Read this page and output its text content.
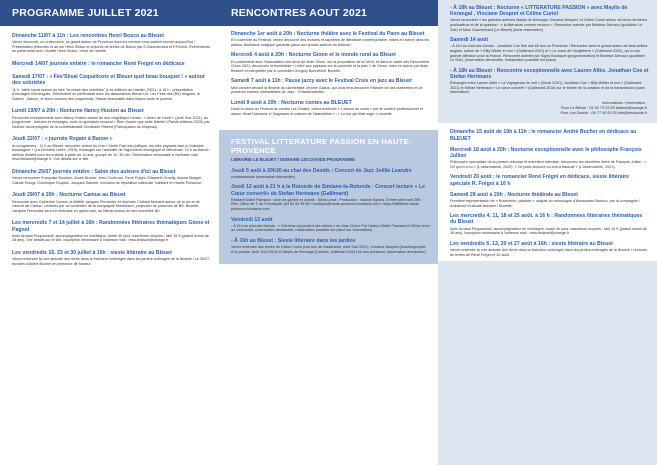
PROGRAMME JUILLET 2021
Dimanche 11/07 à 11h : Les rencontres Henri Bosco au Bleuet
Venez découvrir, ou redécouvrir, ce grand auteur de Provence dont les romans nous parlent encore aujourd'hui ! Présentation d'œuvres et de sur Henri Bosco et lectures de textes de Bosco par S.Gauchenand et P.Frichet. Événements en partenariat avec l'Amitié Henri Bosco. Verre de l'amitié.
Mercredi 14/07 journée entière : le romancier René Frégni en dédicace
Samedi 17/07 : « Fée'Stival Coquelicots et Bleuet quel beau bouquet ! » autour des sobriétés
11 h : table ronde autour du livre "la chose des sobriétés" (Les éditions de l'atelier, 2021) ; à 15 h : présentation d'ouvrages d'écologues. Événement en partenariat avec les associations Bleuet Lie, Les Fées des (Ré) drogues, le Gabion - Manon, et Nous voulons des coquelicots. Stands associatifs dans Banon toute la journée.
Lundi 19/07 à 20h : Nocturne Nancy Huston au Bleuet
Rencontre exceptionnelle avec Nancy Huston autour de son magnifique roman : « Arbre de l'oubli » (Acte Sud 2021). Au programme ; lectures et échanges, suivi du spectacle musical « Rien d'autre que cette félicité» (Parole éditions 2020) par l'autrice accompagnée de la contrebassiste Christiane Riberet (Participation au chapeau).
Jeudi 22/07 : « journée Regain à Banon »
Au programme : 11 h au Bleuet, rencontre autour du livre « Notre Pain est politique, les blés paysans face à l'industrie boulangère » (La Dernière Lettre, 2019), échanges sur l'actualité de l'agriculture écologique et délicieuse. 14 h au Bleuet : ateliers théâtre pour les enfants à partir de 10 ans, groupe de 10, 30 min. Réservation nécessaire à l'adresse mail : resa.leblauet@orange.fr. Voir détails sur le site.
Dimanche 25/07 journée entière : Salon des auteurs d'ici au Bleuet
Venez rencontrer Françoise Bourdon, André Bucher, Jean Contrucci, René Frégni, Élisabeth Groelly, Alyssa Morgan, Claude Hougs, Dominique Roques, Jacques Salomé, écrivains de réputation nationale, habitant en Haute-Provence.
Jeudi 29/07 à 20h : Nocturne Camus au Bleuet
Rencontre avec Catherine Camus, la fidélité Jacques Ferrandez et l'écrivain Chibaut Mohand autour de la vie et de l'œuvre de Camus. Lectures par un comédien de la compagnie Maubisson, projection de planches de BD. Buvette. Jacques Ferrandez sera en dédicace en après-midi, au Bleuet autour de ses nouvelles BD.
Les mercredis 7 et 14 juillet à 16h : Randonnées littéraires thématiques Giono et Pagnol
Avec Arnaud Poupsonnet, accompagnateur en montagne; durée 4h pour marcheurs moyens ; tarif 15 € (gratuit moins de 18 ans). Voir détails sur le site. Inscription nécessaire à l'adresse mail : resa.leblauet@orange.fr
Les vendredis 16, 23 et 30 juillet à 16h : sieste littéraire au Bleuet
Venez entendre la voix amicale des livres dans la fraîcheur ombragée dans les jardins ombragés de la librairie ! Le 30/07, lectures d'André Bucher en présence de l'auteur.
RENCONTRES AOUT 2021
Dimanche 1er août à 20h : Nocturne théâtre avec le Festival du Paon au Bleuet
En ouverture du Festival, venez découvrir des lectures et saynètes de littérature contemporaine, mises en scène dans les jardins. Ambiance magique garantie grâce aux jeunes acteurs du festival !
Mercredi 4 août à 20h : Nocturne Giono et le monde rural au Bleuet
En partenariat avec l'Association des amis de Jean Giono, sur la proposition de la DIXA, et dans le cadre des Rencontres Giono 2021, découvrez la formidable « Lettre aux paysans sur la pauvreté et la paix » de Giono, mise en scène par Alain Bessert et interprétée par le comédien Grégory Bonnefont. Buvette.
Samedi 7 août à 11h : Pause jazzy avec le Festival Cruis en jazz au Bleuet
Mini concert devant la librairie du clarinettiste Jérôme Gatius, qui vous fera découvrir l'histoire de des clarinettes et de plusieurs maîtres clarinettistes de Jazz... Enfants/adultes.
Lundi 9 août à 20h : Nocturne contes au BLEUET
Dans le cadre du Festival de contes Les Oralies, venez entendre « L'amour du conte » par le conteur professionnel et auteur Jihad Darwiche (« Sagesses et malices de Nasreddine » ; « Le fou qui était sage ») buvette.
FESTIVAL LITTERATURE PASSION EN HAUTE-PROVENCE
LIBRAIRIE LE BLEUET / DOMAINE LES DAVIDS PROGRAMME
Jeudi 5 août à 20h30 au chai des Davids : Concert de Jazz Joëlle Leandre
contrebassiste (réservation demandée)
Jeudi 12 août à 21 h à la Rotonde de Simiane-la-Rotonde : Concert lecture « Le Cœur converti» de Stefan Hertmans (Gallimard)
Récitant Didier Flamand ; viole de gambe et chants : Silvia Lenzi ; Production : Nadine Eghels. Entrée plein tarif 25€ ; Rés. Office de T. de Forcalquier (04 84 54 95 50 / boutique@haute-provence-tourisme.com / https://billetterie.haute-provence-tourisme.com
Vendredi 13 août
- À 11h au chai des Davids : « Chemins qui parlent des arbres » de Jean Giono Par l'acteur Didier Flamand et Silvia Lenzi au violoncelle. (réservation demandée, restauration possible sur place sur réservation)
- À 16h au Bleuet : Sieste littéraire dans les jardins
Venez entendre des textes de Céline Curiol (Les fois de l'ascension, Acte Sud 2021), Vinciane Despret (Autobiographie d'un poulpe, Acte Sud 2021) et Maylis de Kerangal (Canoës, Gallimard 2021) en leur présence (réservation demandée).
- À 18h au Bleuet : Nocturne « LITTERATURE PASSION » avec Maylis de Kerangal , Vinciane Despret et Céline Curiol
Venez rencontrer « les grandes autrices Maylis de Kerangal, Vinciane Despret, et Céline Curiol autour de leurs dernières publications et de la question : « la littérature comme recours ». Rencontre animée par Béatrice Delvaux (quotidien Le Soir) et Marc Gauchenand (Le Bleuet) (sans réservation)
Samedi 14 août
- À 11h au chai des Davids : Jonathan Coe fête ses 60 ans en Provence ! Rencontre avec le grand auteur de best-sellers anglais, auteur de « Billy Wilder et moi » (Gallimard 2021) et « Le cœur de l'Angleterre » (Gallimard 2020), qui a une grande affection pour la France. Rencontre animée par Sigrid Bousquet (programmation) et Béatrice Delvaux (quotidien Le Soir). (réservation demandée, restauration possible sur place)
- À 18h au Bleuet : Rencontre exceptionnelle avec Lauren Allès, Jonathan Coe et Stefan Hertmans
Échanges entre Lauren Allès « La Voyageuse de nuit » (Stock 2020), Jonathan Coe « Billy Wilder et moi » (Gallimard 2021) et Stefan Hertmans « Le cœur converti » (Gallimard 2018) sur le thème de la création et de la transmission (sans réservation)
Informations / réservation :
Pour Le Bleuet : 04 92 73 25 85 lablaue@orange.fr
Pour Les Davids : 06 77 50 59 50 info@lesdavids.fr
Dimanche 15 août de 10h à 11h : le romancier André Bucher en dédicace au BLEUET
Mercredi 18 août à 20h : Nocturne exceptionnelle avec le philosophe François Jullien
Philosophe spécialiste de la pensée chinoise et entretient orientale, découvrez les dernières livres de François Jullien : « Ce qu'on a vu » (L'observatoire, 2020), « Ce point obscure où tout a basculé » (L'observatoire, 2021).
Vendredi 20 août : le romancier René Frégni en dédicace, sieste littéraire spéciale R. Frégni à 16 h
Samedi 28 août à 20h : Nocturne théâtrale au Bleuet
Première représentation de « Novecento, pianiste », adapté du monologue d'Alessandro Baricco, par la compagnie ! Ambiance musicale assurée ! Buvette.
Les mercredis 4, 11, 18 et 25 août, à 16 h : Randonnées littéraires thématiques du Bleuet
Avec Arnaud Poupsonnet, accompagnateur en montagne; durée 4h pour marcheurs moyens ; tarif 12 € (gratuit moins de 18 ans). Inscription nécessaire à l'adresse mail : resa.leblauet@orange.fr
Les vendredis 6, 13, 20 et 27 août à 16h : sieste littéraire au Bleuet
Venez entendre la voix amicale des livres dans la fraîcheur ombragée dans les jardins ombragés de la librairie ! Lectures de textes de René Frégni le 20 août.
